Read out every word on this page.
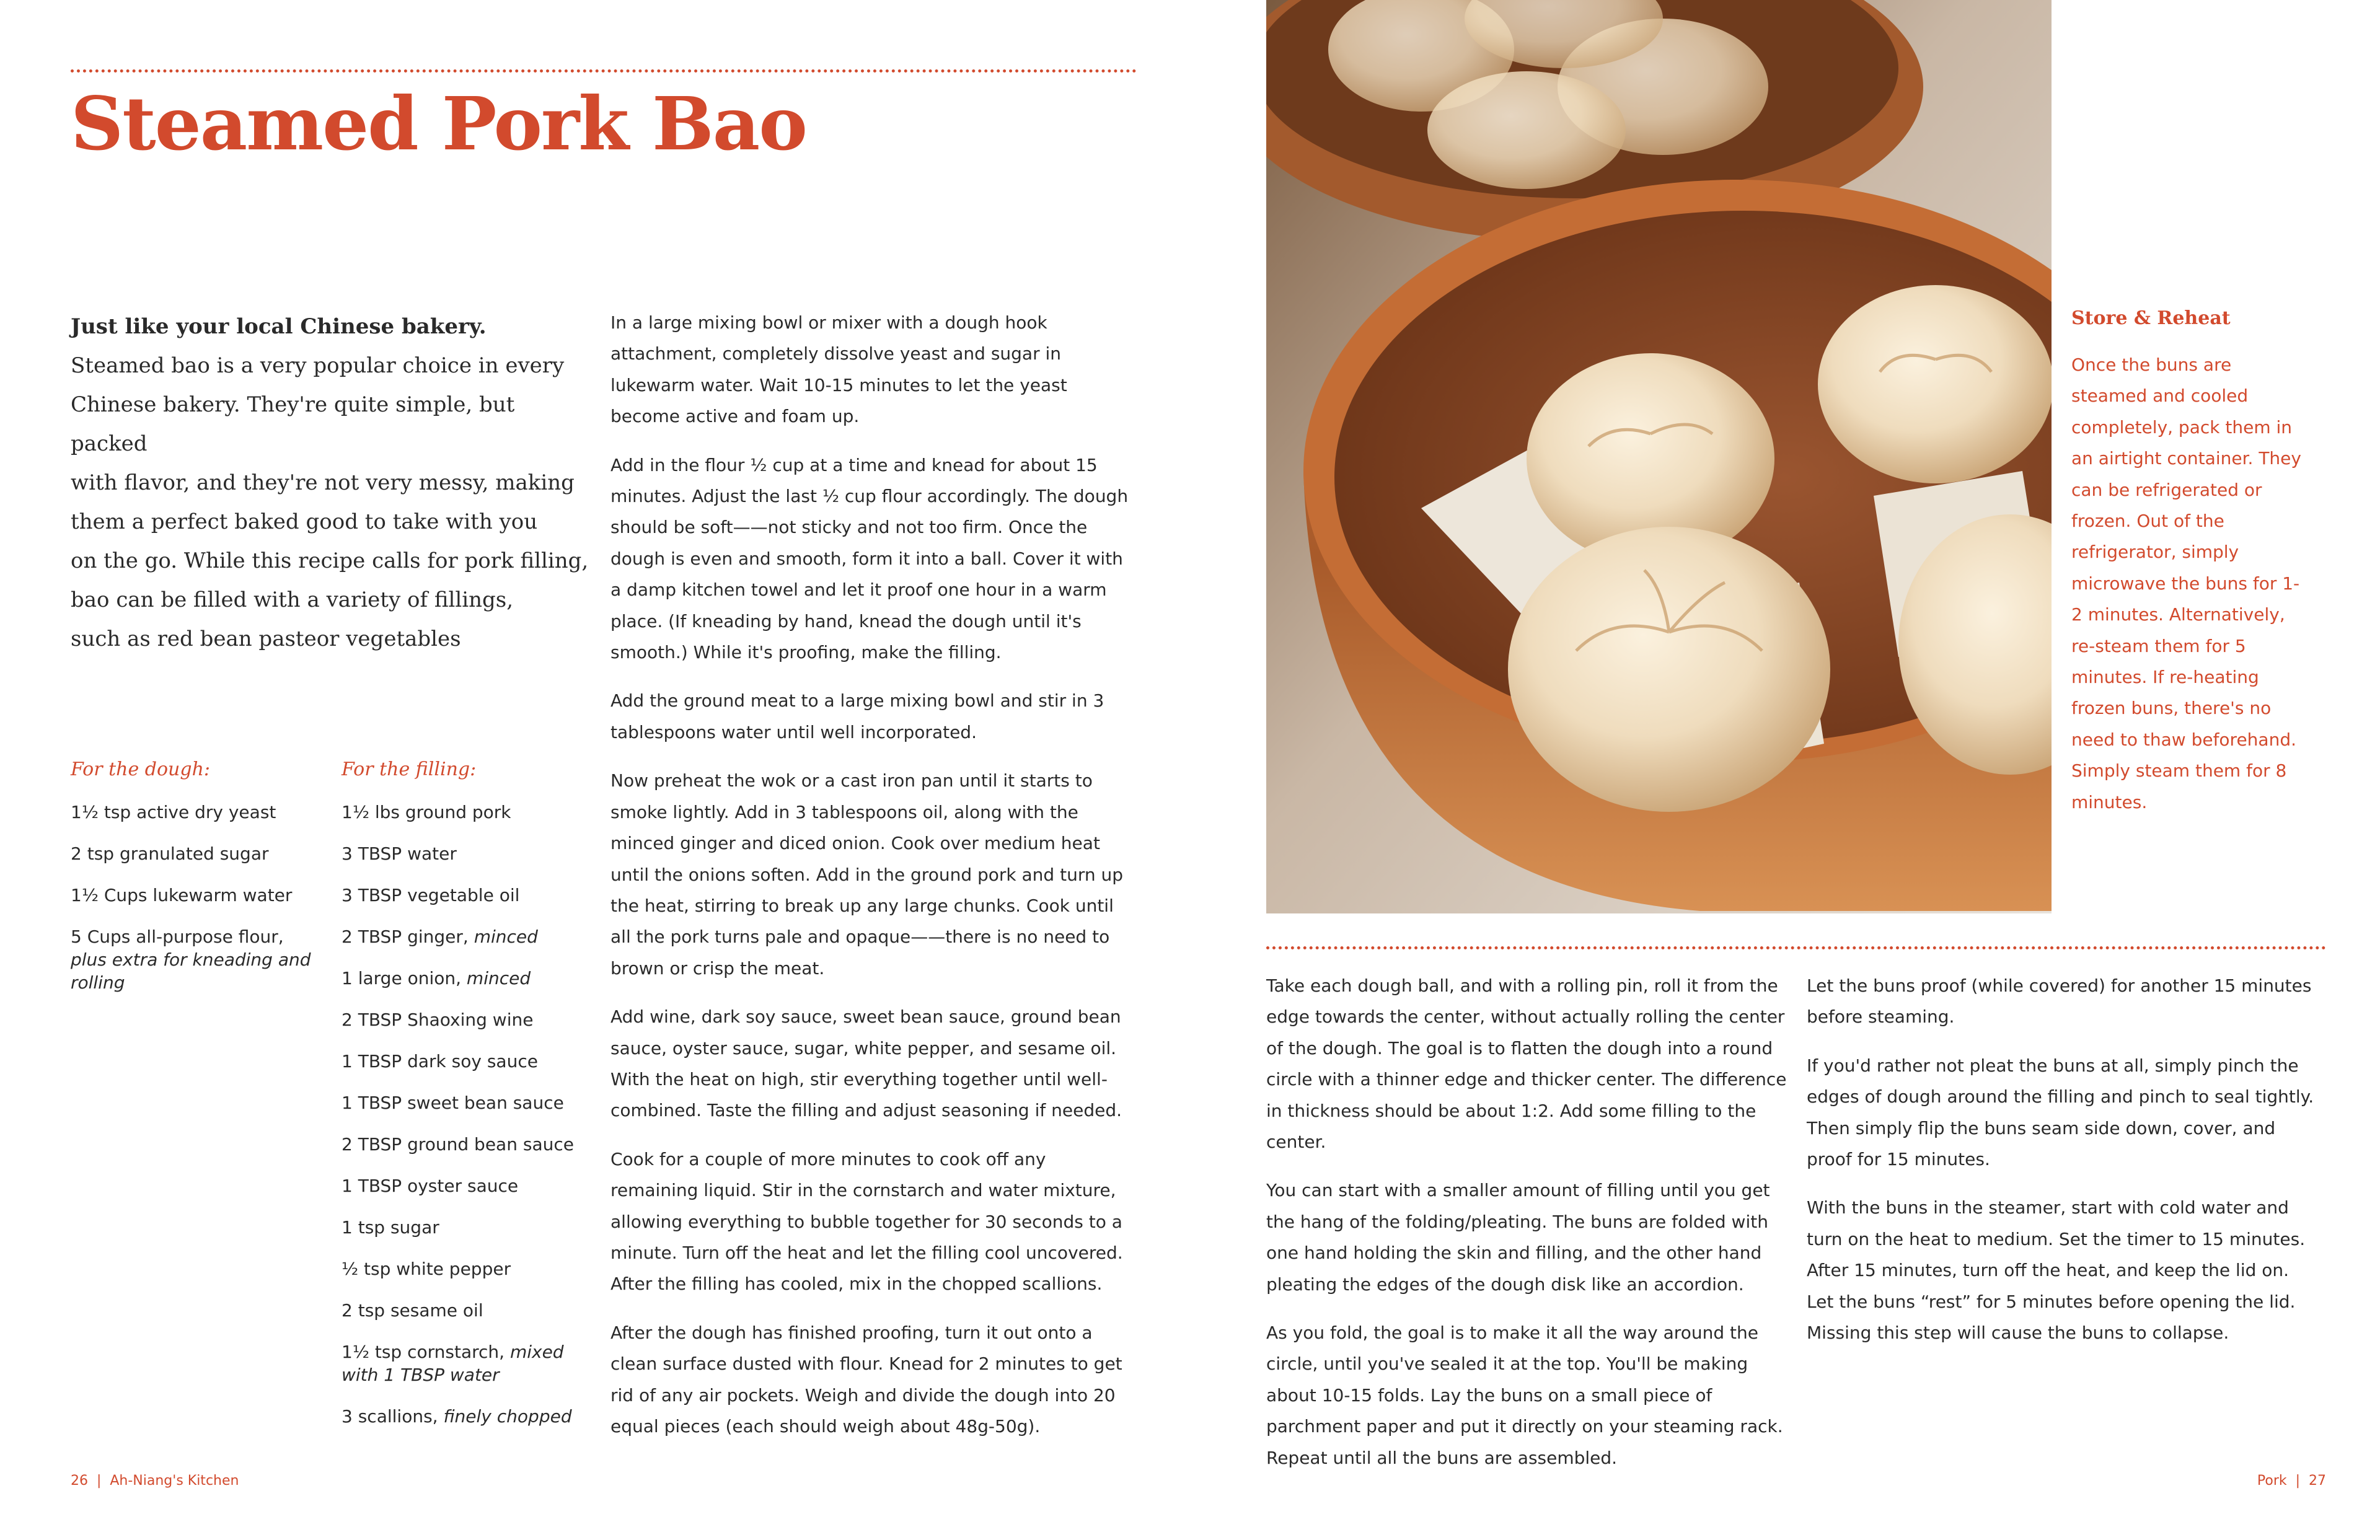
Steamed Pork Bao

Just like your local Chinese bakery.

Steamed bao is a very popular choice in every

Chinese bakery. They're quite simple, but packed

with flavor, and they're not very messy, making

them a perfect baked good to take with you

on the go. While this recipe calls for pork filling,

bao can be filled with a variety of fillings,

such as red bean pasteor vegetables

For the dough:
1½ tsp active dry yeast
2 tsp granulated sugar
1½ Cups lukewarm water
5 Cups all-purpose flour,
plus extra for kneading and rolling
For the filling:
1½ lbs ground pork
3 TBSP water
3 TBSP vegetable oil
2 TBSP ginger, minced
1 large onion, minced
2 TBSP Shaoxing wine
1 TBSP dark soy sauce
1 TBSP sweet bean sauce
2 TBSP ground bean sauce
1 TBSP oyster sauce
1 tsp sugar
½ tsp white pepper
2 tsp sesame oil
1½ tsp cornstarch, mixed with 1 TBSP water
3 scallions, finely chopped

In a large mixing bowl or mixer with a dough hook attachment, completely dissolve yeast and sugar in lukewarm water. Wait 10-15 minutes to let the yeast become active and foam up.

Add in the flour ½ cup at a time and knead for about 15 minutes. Adjust the last ½ cup flour accordingly. The dough should be soft——not sticky and not too firm. Once the dough is even and smooth, form it into a ball. Cover it with a damp kitchen towel and let it proof one hour in a warm place. (If kneading by hand, knead the dough until it's smooth.) While it's proofing, make the filling.

Add the ground meat to a large mixing bowl and stir in 3 tablespoons water until well incorporated.

Now preheat the wok or a cast iron pan until it starts to smoke lightly. Add in 3 tablespoons oil, along with the minced ginger and diced onion. Cook over medium heat until the onions soften. Add in the ground pork and turn up the heat, stirring to break up any large chunks. Cook until all the pork turns pale and opaque——there is no need to brown or crisp the meat.

Add wine, dark soy sauce, sweet bean sauce, ground bean sauce, oyster sauce, sugar, white pepper, and sesame oil. With the heat on high, stir everything together until well-combined. Taste the filling and adjust seasoning if needed.

Cook for a couple of more minutes to cook off any remaining liquid. Stir in the cornstarch and water mixture, allowing everything to bubble together for 30 seconds to a minute. Turn off the heat and let the filling cool uncovered. After the filling has cooled, mix in the chopped scallions.

After the dough has finished proofing, turn it out onto a clean surface dusted with flour. Knead for 2 minutes to get rid of any air pockets. Weigh and divide the dough into 20 equal pieces (each should weigh about 48g-50g).

Store & Reheat

Once the buns are steamed and cooled completely, pack them in an airtight container. They can be refrigerated or frozen. Out of the refrigerator, simply microwave the buns for 1-2 minutes. Alternatively, re-steam them for 5 minutes. If re-heating frozen buns, there's no need to thaw beforehand. Simply steam them for 8 minutes.

Take each dough ball, and with a rolling pin, roll it from the edge towards the center, without actually rolling the center of the dough. The goal is to flatten the dough into a round circle with a thinner edge and thicker center. The difference in thickness should be about 1:2. Add some filling to the center.

You can start with a smaller amount of filling until you get the hang of the folding/pleating. The buns are folded with one hand holding the skin and filling, and the other hand pleating the edges of the dough disk like an accordion.

As you fold, the goal is to make it all the way around the circle, until you've sealed it at the top. You'll be making about 10-15 folds. Lay the buns on a small piece of parchment paper and put it directly on your steaming rack. Repeat until all the buns are assembled.

Let the buns proof (while covered) for another 15 minutes before steaming.

If you'd rather not pleat the buns at all, simply pinch the edges of dough around the filling and pinch to seal tightly. Then simply flip the buns seam side down, cover, and proof for 15 minutes.

With the buns in the steamer, start with cold water and turn on the heat to medium. Set the timer to 15 minutes. After 15 minutes, turn off the heat, and keep the lid on. Let the buns “rest” for 5 minutes before opening the lid. Missing this step will cause the buns to collapse.

26  |  Ah-Niang's Kitchen	Pork  |  27
